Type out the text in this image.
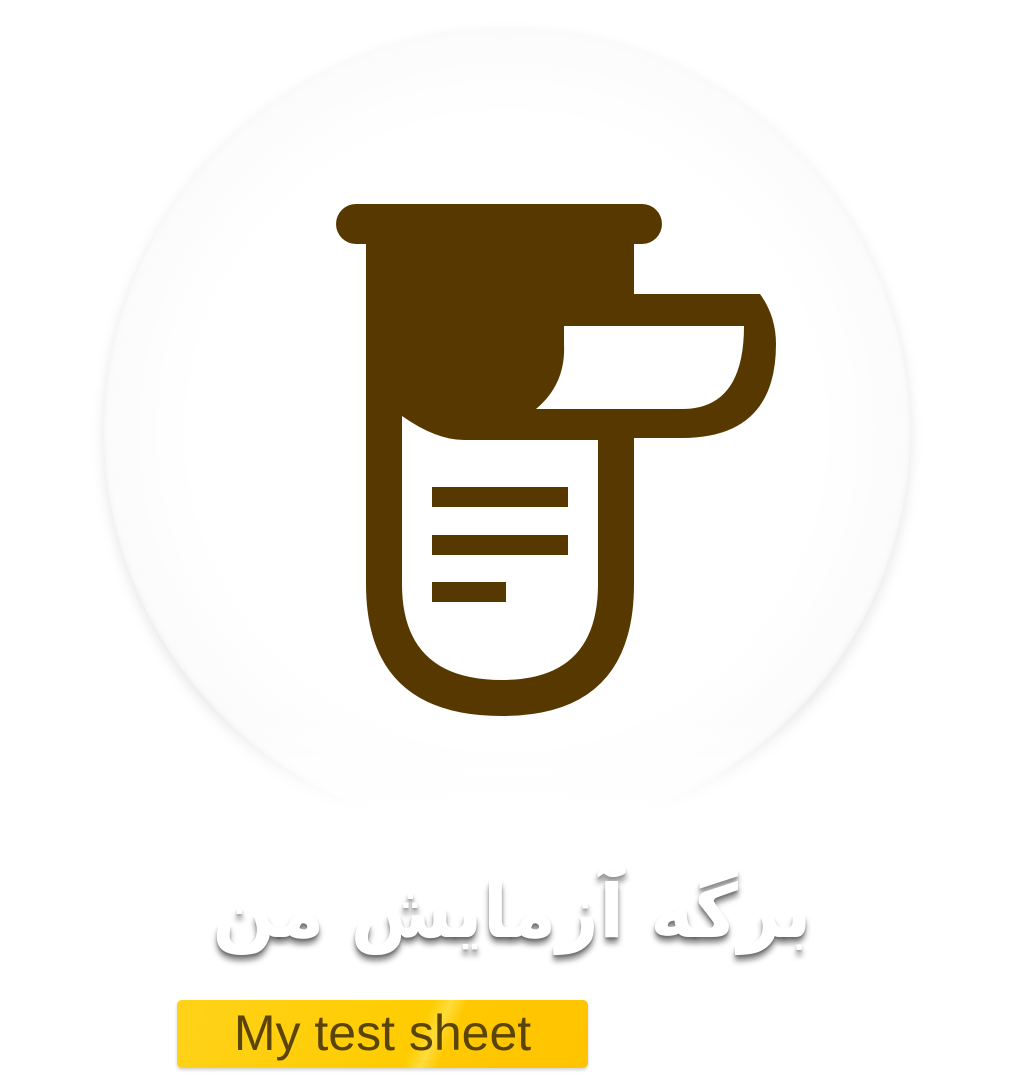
برگه آزمایش من
My test sheet
